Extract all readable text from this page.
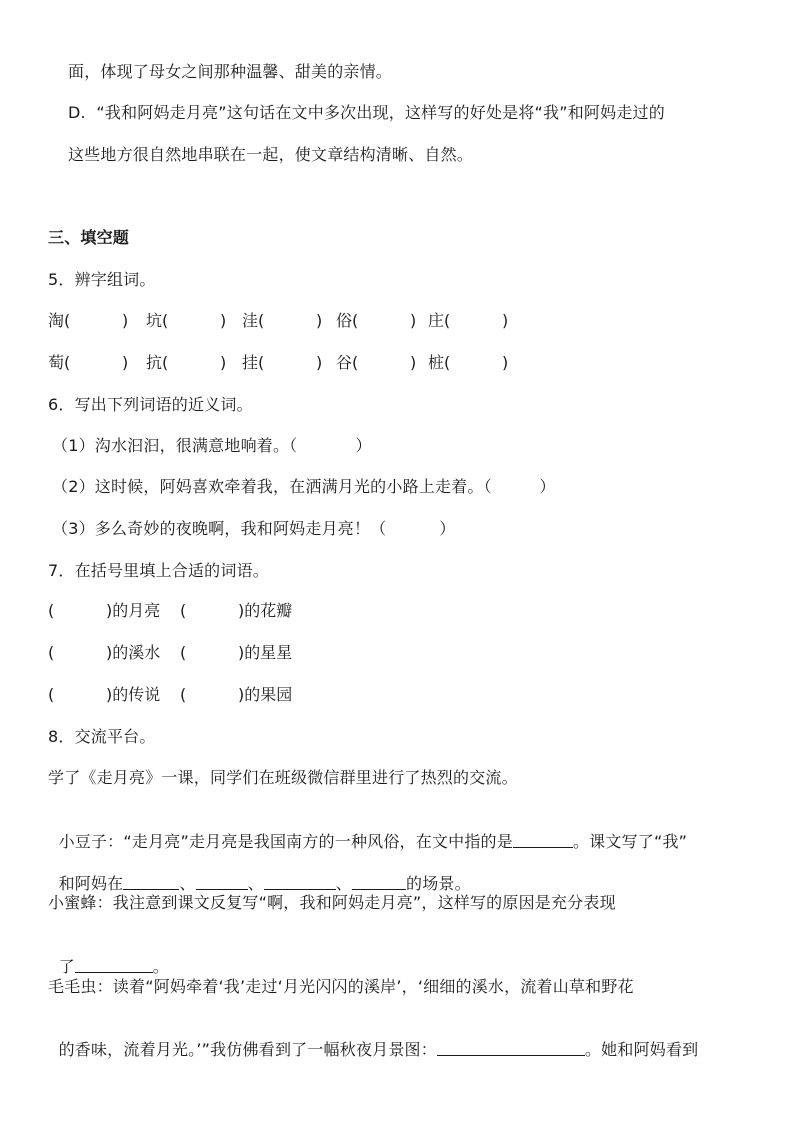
面，体现了母女之间那种温馨、甜美的亲情。
D.  “我和阿妈走月亮”这句话在文中多次出现，这样写的好处是将“我”和阿妈走过的
这些地方很自然地串联在一起，使文章结构清晰、自然。
三、填空题
5．辨字组词。
淘(	) 坑(	) 洼(	) 俗(	) 庄(	)
萄(	) 抗(	) 挂(	) 谷(	) 桩(	)
6．写出下列词语的近义词。
（1）沟水汩汩，很满意地响着。（           ）
（2）这时候，阿妈喜欢牵着我，在洒满月光的小路上走着。（         ）
（3）多么奇妙的夜晚啊，我和阿妈走月亮！（          ）
7．在括号里填上合适的词语。
(	)的月亮 (	)的花瓣
(	)的溪水 (	)的星星
(	)的传说 (	)的果园
8．交流平台。
学了《走月亮》一课，同学们在班级微信群里进行了热烈的交流。

小豆子：“走月亮”走月亮是我国南方的一种风俗，在文中指的是	。课文写了“我”

和阿妈在	、	、	、	的场景。

小蜜蜂：我注意到课文反复写“啊，我和阿妈走月亮”，这样写的原因是充分表现

了	。

毛毛虫：读着“阿妈牵着‘我’走过‘月光闪闪的溪岸’，‘细细的溪水，流着山草和野花

的香味，流着月光。’”我仿佛看到了一幅秋夜月景图：	。她和阿妈看到
